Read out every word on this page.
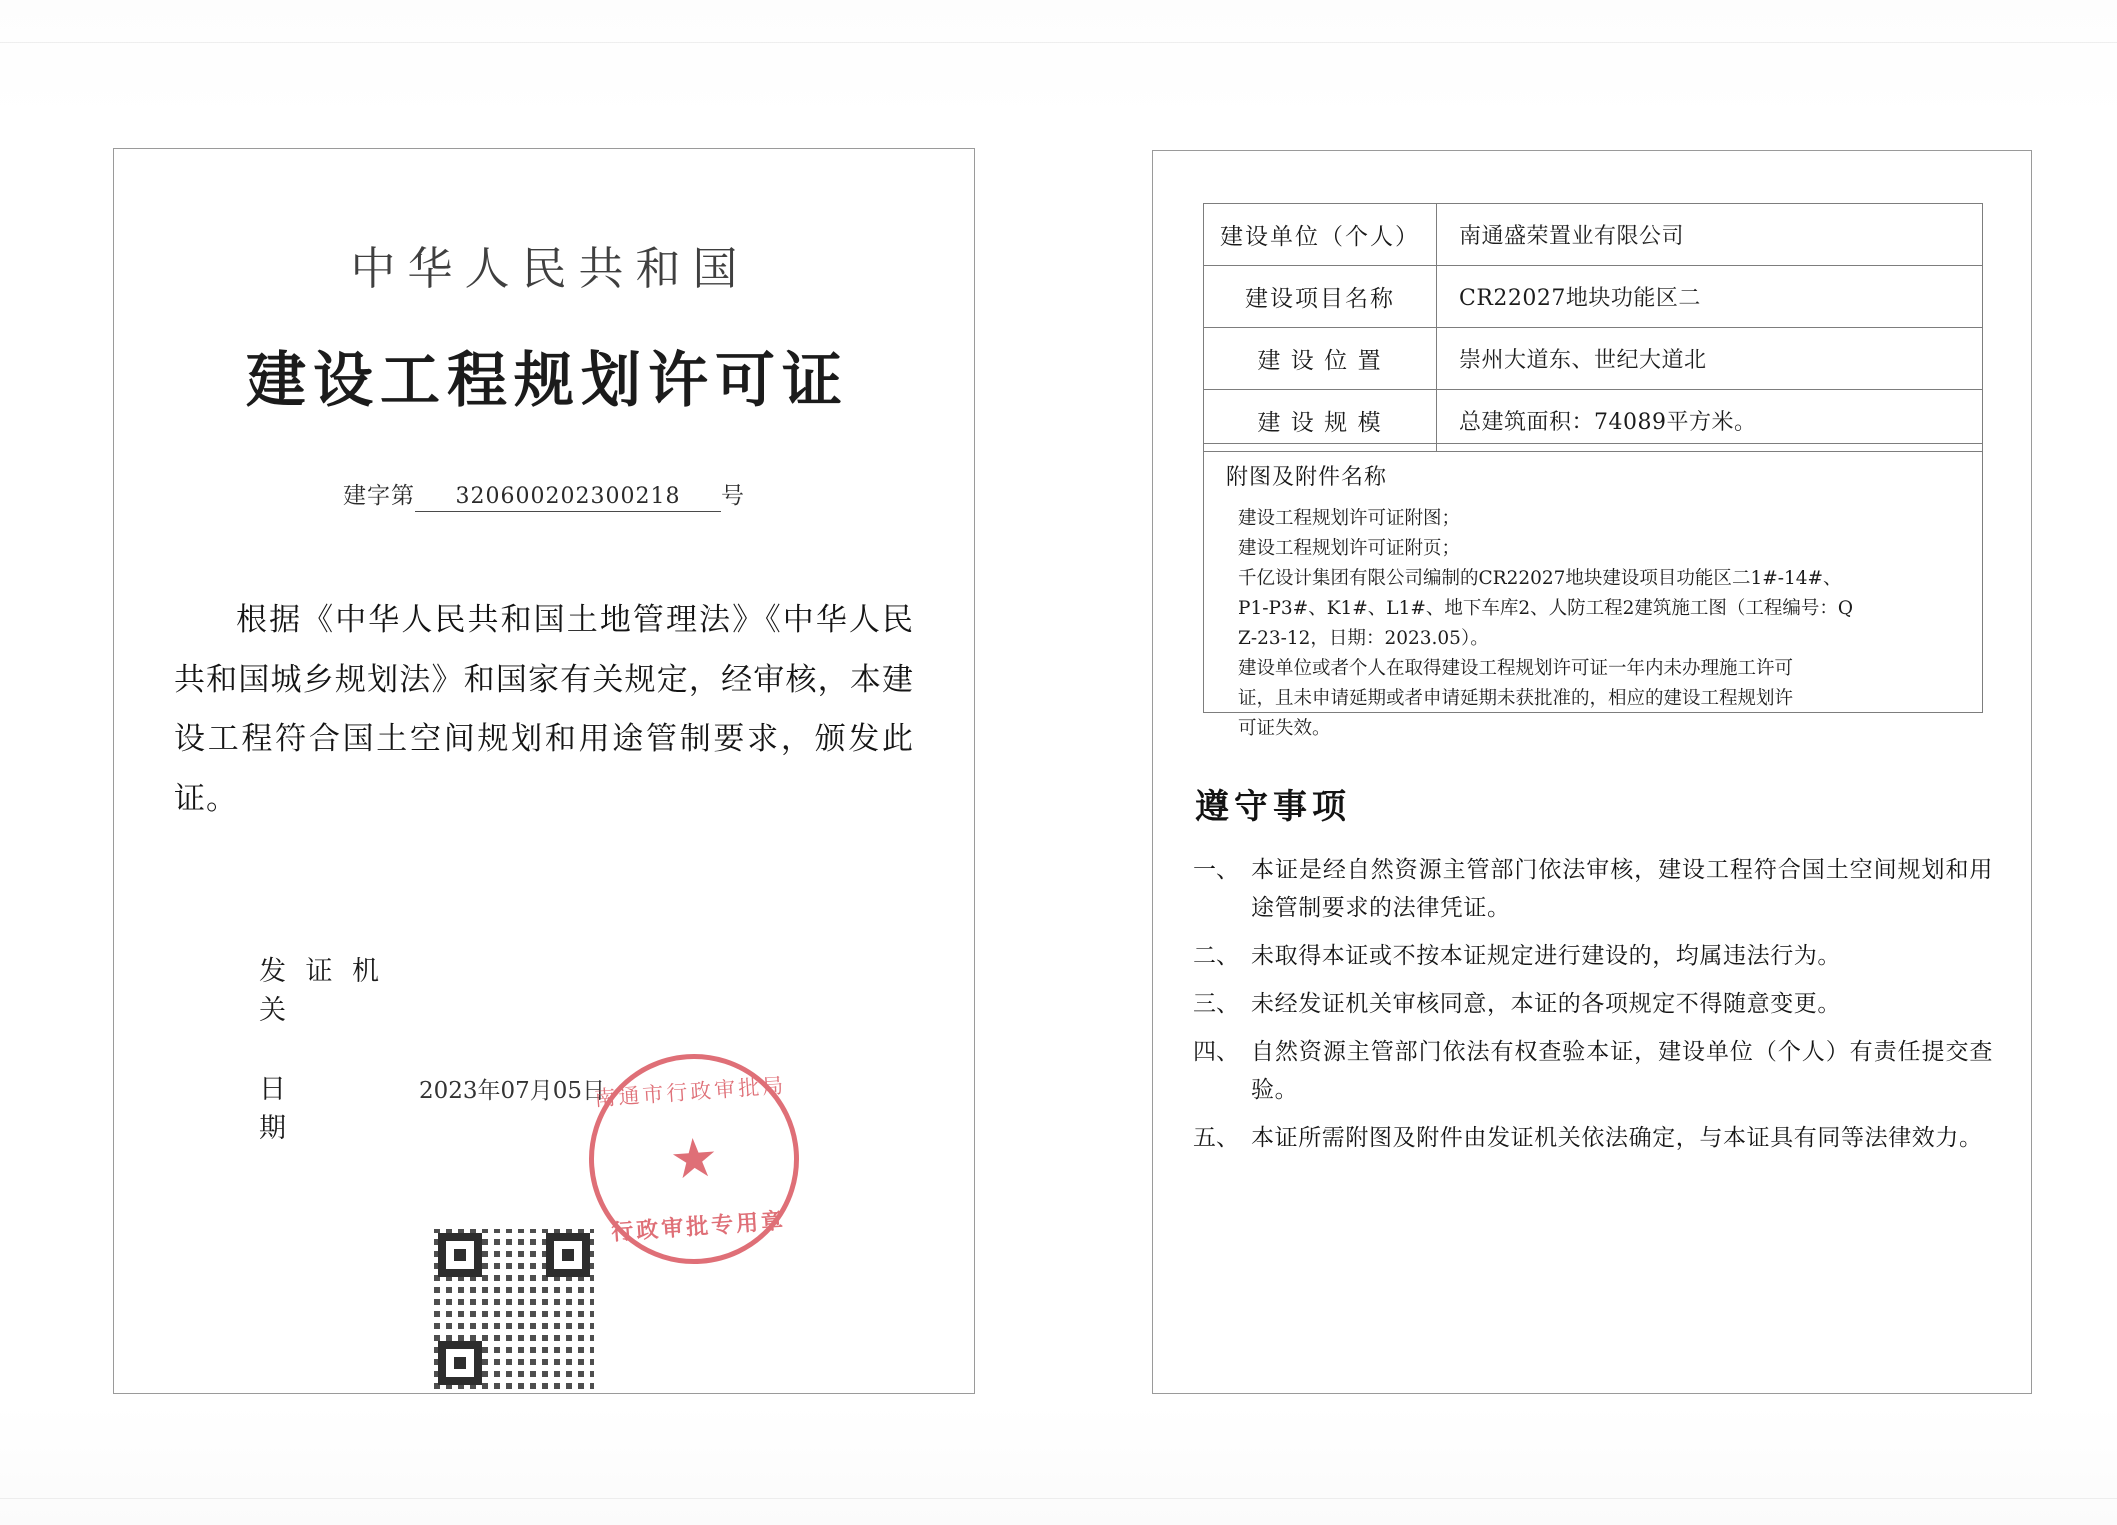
中华人民共和国
建设工程规划许可证
建字第	320600202300218	号
根据《中华人民共和国土地管理法》《中华人民共和国城乡规划法》和国家有关规定，经审核，本建设工程符合国土空间规划和用途管制要求，颁发此证。
发 证 机 关
日　　　期
2023年07月05日
南通市行政审批局
★
行政审批专用章
建设单位（个人）	南通盛荣置业有限公司
建设项目名称	CR22027地块功能区二
建 设 位 置	崇州大道东、世纪大道北
建 设 规 模	总建筑面积：74089平方米。
附图及附件名称
建设工程规划许可证附图；
建设工程规划许可证附页；
千亿设计集团有限公司编制的CR22027地块建设项目功能区二1#-14#、
P1-P3#、K1#、L1#、地下车库2、人防工程2建筑施工图（工程编号：Q
Z-23-12，日期：2023.05）。
建设单位或者个人在取得建设工程规划许可证一年内未办理施工许可
证，且未申请延期或者申请延期未获批准的，相应的建设工程规划许
可证失效。
遵守事项
一、 本证是经自然资源主管部门依法审核，建设工程符合国土空间规划和用途管制要求的法律凭证。
二、 未取得本证或不按本证规定进行建设的，均属违法行为。
三、 未经发证机关审核同意，本证的各项规定不得随意变更。
四、 自然资源主管部门依法有权查验本证，建设单位（个人）有责任提交查验。
五、 本证所需附图及附件由发证机关依法确定，与本证具有同等法律效力。
